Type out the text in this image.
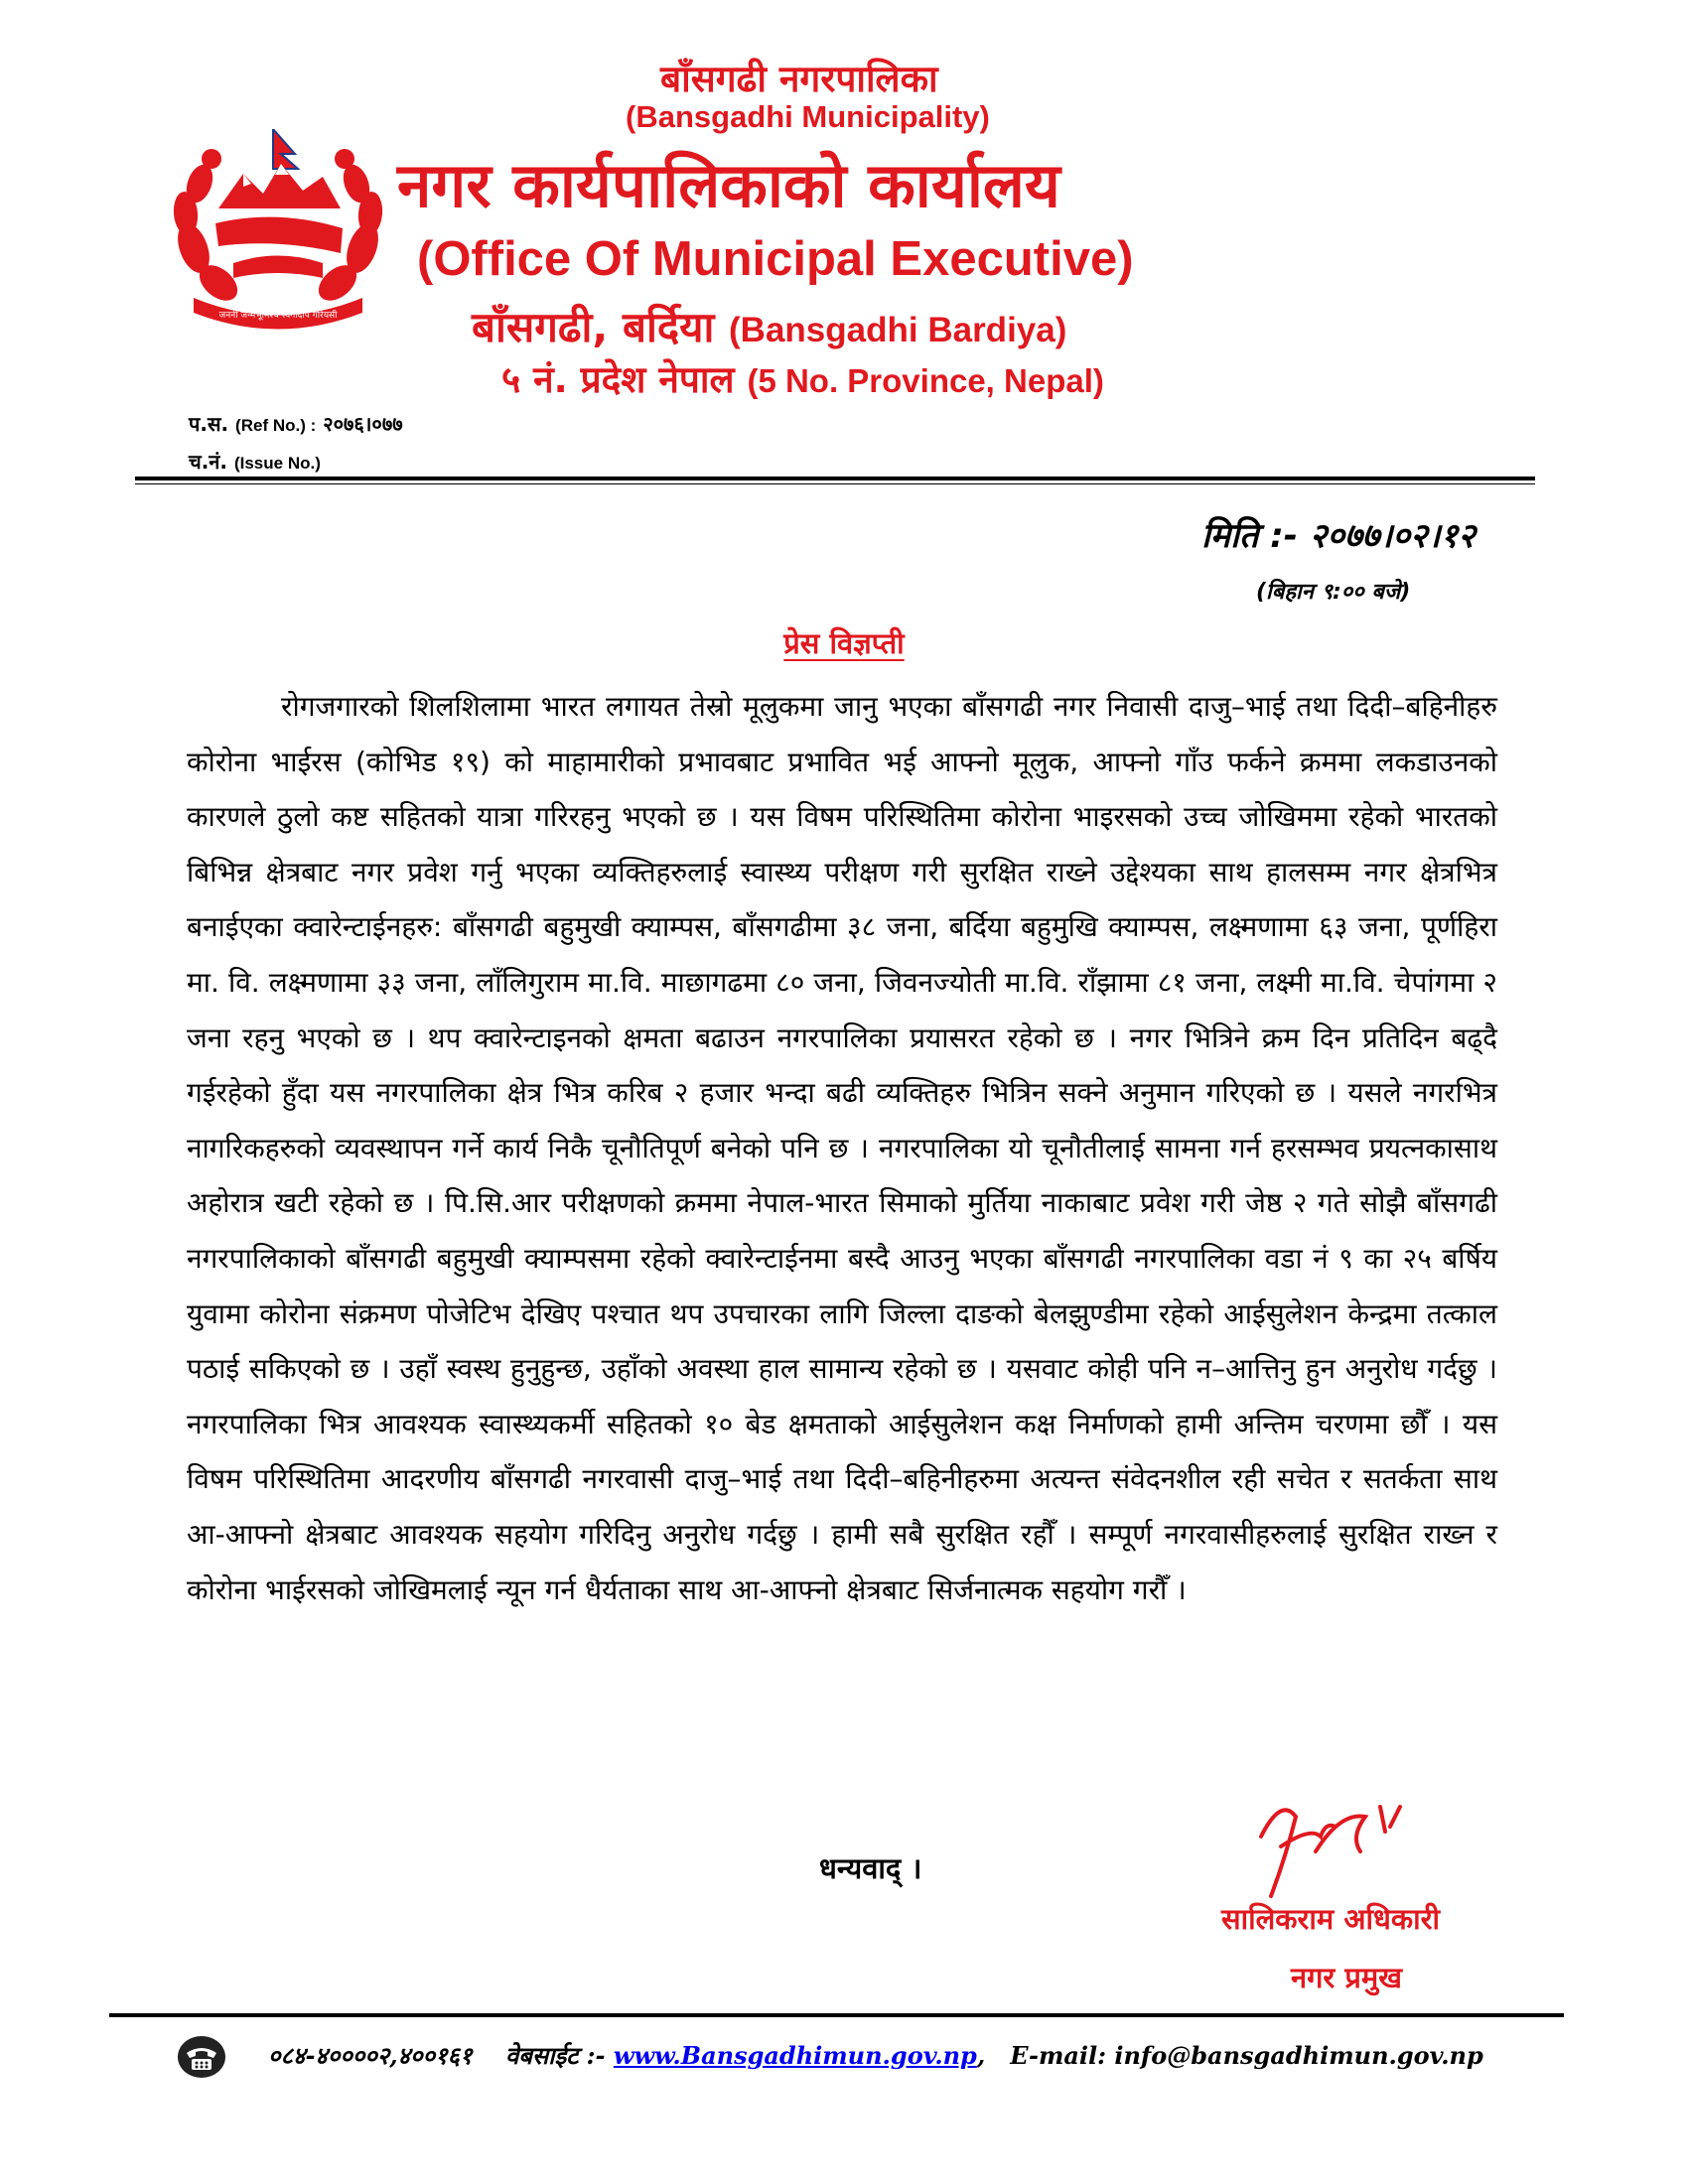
जननी जन्मभूमिश्च स्वर्गादपि गरियसी
बाँसगढी नगरपालिका
(Bansgadhi Municipality)
नगर कार्यपालिकाको कार्यालय
(Office Of Municipal Executive)
बाँसगढी, बर्दिया (Bansgadhi Bardiya)
५ नं. प्रदेश नेपाल (5 No. Province, Nepal)
प.स. (Ref No.) : २०७६।०७७
च.नं. (Issue No.)
मिति :- २०७७।०२।१२
(बिहान ९:०० बजे)
प्रेस विज्ञप्ती
रोगजगारको शिलशिलामा भारत लगायत तेस्रो मूलुकमा जानु भएका बाँसगढी नगर निवासी दाजु–भाई तथा दिदी–बहिनीहरु कोरोना भाईरस (कोभिड १९) को माहामारीको प्रभावबाट प्रभावित भई आफ्नो मूलुक, आफ्नो गाँउ फर्कने क्रममा लकडाउनको कारणले ठुलो कष्ट सहितको यात्रा गरिरहनु भएको छ । यस विषम परिस्थितिमा कोरोना भाइरसको उच्च जोखिममा रहेको भारतको बिभिन्न क्षेत्रबाट नगर प्रवेश गर्नु भएका व्यक्तिहरुलाई स्वास्थ्य परीक्षण गरी सुरक्षित राख्ने उद्देश्यका साथ हालसम्म नगर क्षेत्रभित्र बनाईएका क्वारेन्टाईनहरु: बाँसगढी बहुमुखी क्याम्पस, बाँसगढीमा ३८ जना, बर्दिया बहुमुखि क्याम्पस, लक्ष्मणामा ६३ जना, पूर्णहिरा मा. वि. लक्ष्मणामा ३३ जना, लाँलिगुराम मा.वि. माछागढमा ८० जना, जिवनज्योती मा.वि. राँझामा ८१ जना, लक्ष्मी मा.वि. चेपांगमा २ जना रहनु भएको छ । थप क्वारेन्टाइनको क्षमता बढाउन नगरपालिका प्रयासरत रहेको छ । नगर भित्रिने क्रम दिन प्रतिदिन बढ्दै गईरहेको हुँदा यस नगरपालिका क्षेत्र भित्र करिब २ हजार भन्दा बढी व्यक्तिहरु भित्रिन सक्ने अनुमान गरिएको छ । यसले नगरभित्र नागरिकहरुको व्यवस्थापन गर्ने कार्य निकै चूनौतिपूर्ण बनेको पनि छ । नगरपालिका यो चूनौतीलाई सामना गर्न हरसम्भव प्रयत्नकासाथ अहोरात्र खटी रहेको छ । पि.सि.आर परीक्षणको क्रममा नेपाल-भारत सिमाको मुर्तिया नाकाबाट प्रवेश गरी जेष्ठ २ गते सोझै बाँसगढी नगरपालिकाको बाँसगढी बहुमुखी क्याम्पसमा रहेको क्वारेन्टाईनमा बस्दै आउनु भएका बाँसगढी नगरपालिका वडा नं ९ का २५ बर्षिय युवामा कोरोना संक्रमण पोजेटिभ देखिए पश्चात थप उपचारका लागि जिल्ला दाङको बेलझुण्डीमा रहेको आईसुलेशन केन्द्रमा तत्काल पठाई सकिएको छ । उहाँ स्वस्थ हुनुहुन्छ, उहाँको अवस्था हाल सामान्य रहेको छ । यसवाट कोही पनि न–आत्तिनु हुन अनुरोध गर्दछु । नगरपालिका भित्र आवश्यक स्वास्थ्यकर्मी सहितको १० बेड क्षमताको आईसुलेशन कक्ष निर्माणको हामी अन्तिम चरणमा छौँ । यस विषम परिस्थितिमा आदरणीय बाँसगढी नगरवासी दाजु–भाई तथा दिदी–बहिनीहरुमा अत्यन्त संवेदनशील रही सचेत र सतर्कता साथ आ-आफ्नो क्षेत्रबाट आवश्यक सहयोग गरिदिनु अनुरोध गर्दछु । हामी सबै सुरक्षित रहौँ । सम्पूर्ण नगरवासीहरुलाई सुरक्षित राख्न र कोरोना भाईरसको जोखिमलाई न्यून गर्न धैर्यताका साथ आ-आफ्नो क्षेत्रबाट सिर्जनात्मक सहयोग गरौँ ।
धन्यवाद् ।
सालिकराम अधिकारी
नगर प्रमुख
०८४-४००००२,४००१६१ वेबसाईट :- www.Bansgadhimun.gov.np, E-mail: info@bansgadhimun.gov.np
